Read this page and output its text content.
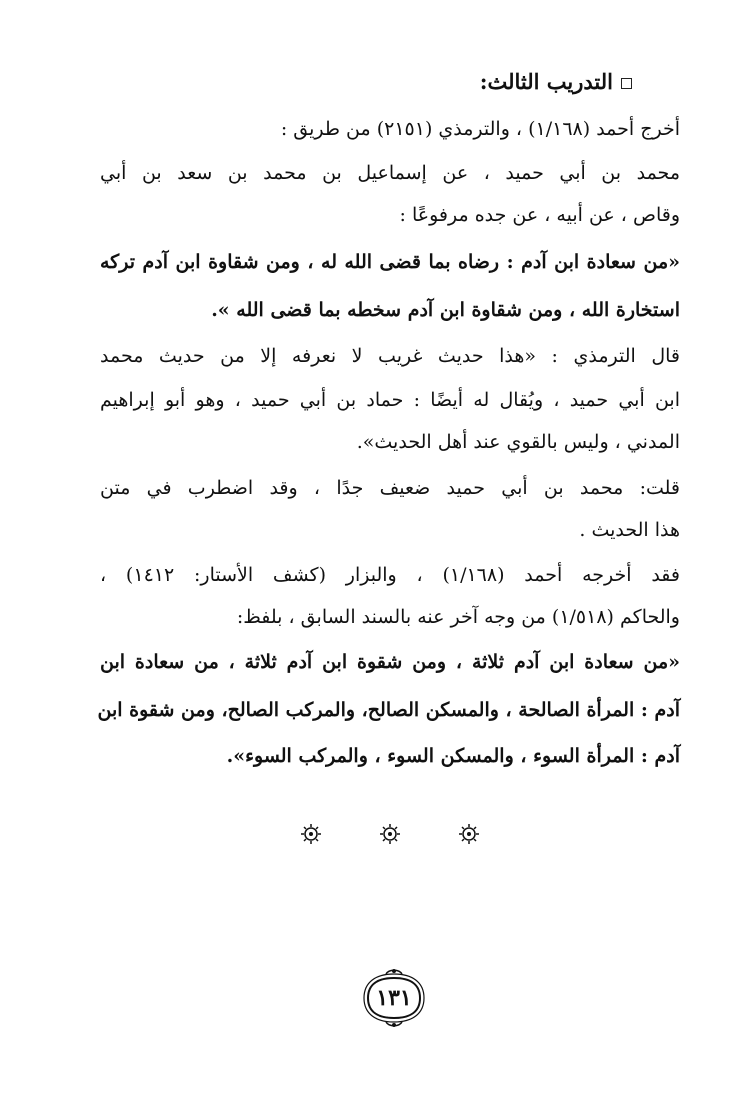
التدريب الثالث:
أخرج أحمد (١/١٦٨) ، والترمذي (٢١٥١) من طريق :
محمد بن أبي حميد ، عن إسماعيل بن محمد بن سعد بن أبي
وقاص ، عن أبيه ، عن جده مرفوعًا :
«من سعادة ابن آدم : رضاه بما قضى الله له ، ومن شقاوة ابن آدم تركه
استخارة الله ، ومن شقاوة ابن آدم سخطه بما قضى الله ».
قال الترمذي : «هذا حديث غريب لا نعرفه إلا من حديث محمد
ابن أبي حميد ، ويُقال له أيضًا : حماد بن أبي حميد ، وهو أبو إبراهيم
المدني ، وليس بالقوي عند أهل الحديث».
قلت: محمد بن أبي حميد ضعيف جدًا ، وقد اضطرب في متن
هذا الحديث .
فقد أخرجه أحمد (١/١٦٨) ، والبزار (كشف الأستار: ١٤١٢) ،
والحاكم (١/٥١٨) من وجه آخر عنه بالسند السابق ، بلفظ:
«من سعادة ابن آدم ثلاثة ، ومن شقوة ابن آدم ثلاثة ، من سعادة ابن
آدم : المرأة الصالحة ، والمسكن الصالح، والمركب الصالح، ومن شقوة ابن
آدم : المرأة السوء ، والمسكن السوء ، والمركب السوء».
١٣١
